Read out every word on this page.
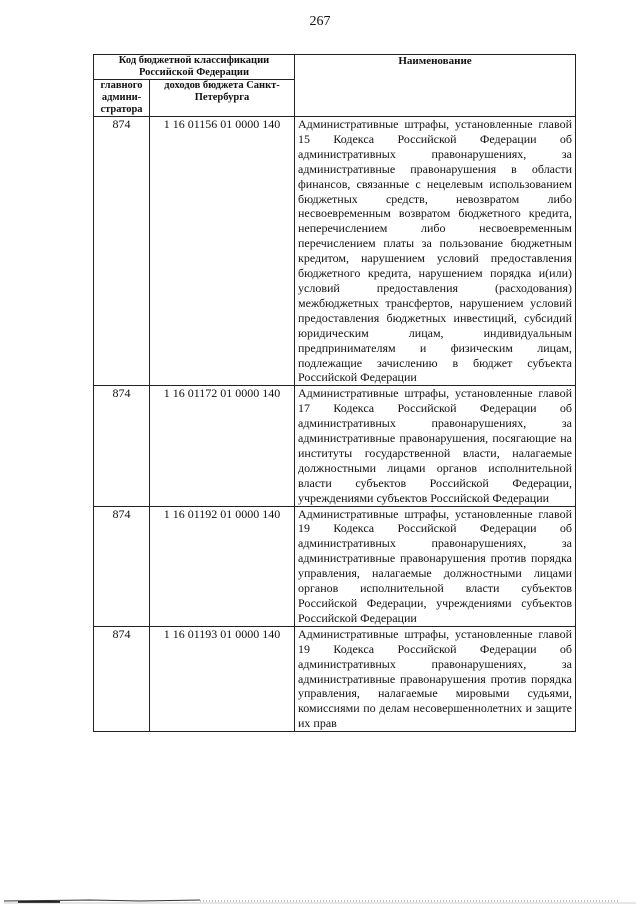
267
Код бюджетной классификации Российской Федерации		Наименование
главного админи-стратора	доходов бюджета Санкт-Петербурга	
874	1 16 01156 01 0000 140	Административные штрафы, установленные главой 15 Кодекса Российской Федерации об административных правонарушениях, за административные правонарушения в области финансов, связанные с нецелевым использованием бюджетных средств, невозвратом либо несвоевременным возвратом бюджетного кредита, неперечислением либо несвоевременным перечислением платы за пользование бюджетным кредитом, нарушением условий предоставления бюджетного кредита, нарушением порядка и(или) условий предоставления (расходования) межбюджетных трансфертов, нарушением условий предоставления бюджетных инвестиций, субсидий юридическим лицам, индивидуальным предпринимателям и физическим лицам, подлежащие зачислению в бюджет субъекта Российской Федерации
874	1 16 01172 01 0000 140	Административные штрафы, установленные главой 17 Кодекса Российской Федерации об административных правонарушениях, за административные правонарушения, посягающие на институты государственной власти, налагаемые должностными лицами органов исполнительной власти субъектов Российской Федерации, учреждениями субъектов Российской Федерации
874	1 16 01192 01 0000 140	Административные штрафы, установленные главой 19 Кодекса Российской Федерации об административных правонарушениях, за административные правонарушения против порядка управления, налагаемые должностными лицами органов исполнительной власти субъектов Российской Федерации, учреждениями субъектов Российской Федерации
874	1 16 01193 01 0000 140	Административные штрафы, установленные главой 19 Кодекса Российской Федерации об административных правонарушениях, за административные правонарушения против порядка управления, налагаемые мировыми судьями, комиссиями по делам несовершеннолетних и защите их прав
